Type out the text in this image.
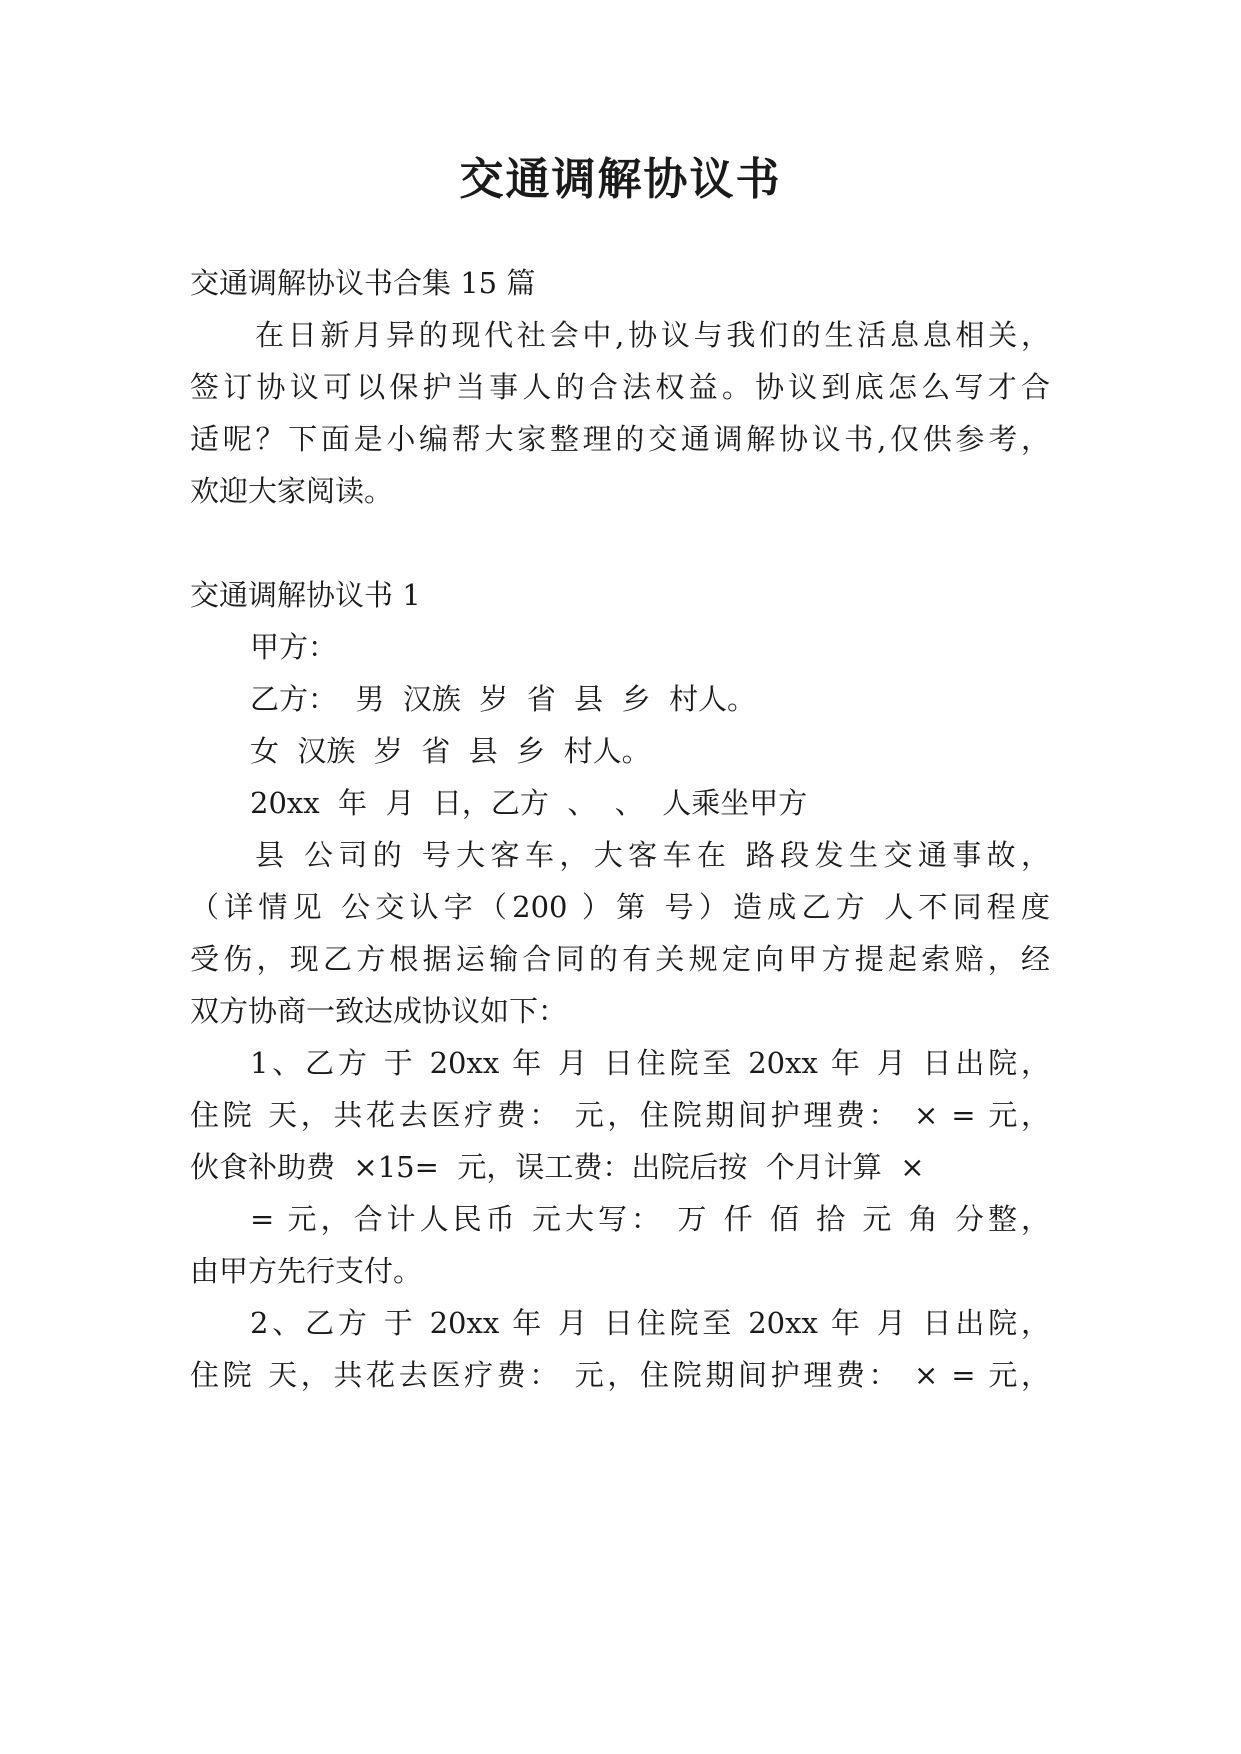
交通调解协议书

交通调解协议书合集 15 篇

在日新月异的现代社会中,协议与我们的生活息息相关，

签订协议可以保护当事人的合法权益。协议到底怎么写才合

适呢？下面是小编帮大家整理的交通调解协议书,仅供参考，

欢迎大家阅读。

交通调解协议书 1

甲方：

乙方：  男  汉族  岁  省  县  乡  村人。

女  汉族  岁  省  县  乡  村人。

20xx  年  月  日，乙方  、  、  人乘坐甲方

县 公司的 号大客车，大客车在 路段发生交通事故，

（详情见 公交认字（200 ）第 号）造成乙方 人不同程度

受伤，现乙方根据运输合同的有关规定向甲方提起索赔，经

双方协商一致达成协议如下：

1、乙方 于 20xx 年 月 日住院至 20xx 年 月 日出院，

住院 天，共花去医疗费： 元，住院期间护理费： × = 元，

伙食补助费  ×15=  元，误工费：出院后按  个月计算  ×

= 元，合计人民币 元大写： 万 仟 佰 拾 元 角 分整，

由甲方先行支付。

2、乙方 于 20xx 年 月 日住院至 20xx 年 月 日出院，

住院 天，共花去医疗费： 元，住院期间护理费： × = 元，
